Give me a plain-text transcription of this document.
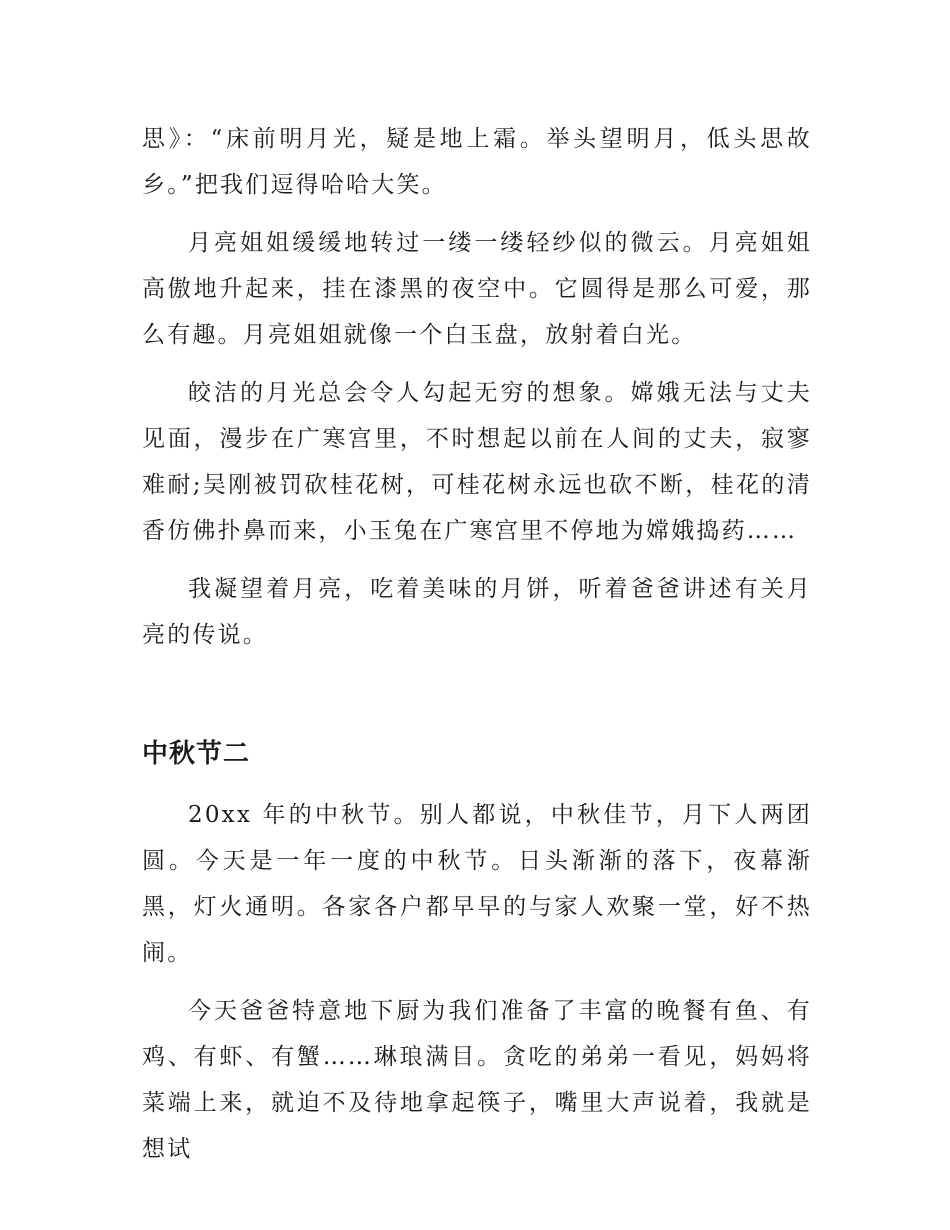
思》：“床前明月光，疑是地上霜。举头望明月，低头思故乡。”把我们逗得哈哈大笑。

月亮姐姐缓缓地转过一缕一缕轻纱似的微云。月亮姐姐高傲地升起来，挂在漆黑的夜空中。它圆得是那么可爱，那么有趣。月亮姐姐就像一个白玉盘，放射着白光。

皎洁的月光总会令人勾起无穷的想象。嫦娥无法与丈夫见面，漫步在广寒宫里，不时想起以前在人间的丈夫，寂寥难耐;吴刚被罚砍桂花树，可桂花树永远也砍不断，桂花的清香仿佛扑鼻而来，小玉兔在广寒宫里不停地为嫦娥捣药……

我凝望着月亮，吃着美味的月饼，听着爸爸讲述有关月亮的传说。

中秋节二

20xx 年的中秋节。别人都说，中秋佳节，月下人两团圆。今天是一年一度的中秋节。日头渐渐的落下，夜幕渐黑，灯火通明。各家各户都早早的与家人欢聚一堂，好不热闹。

今天爸爸特意地下厨为我们准备了丰富的晚餐有鱼、有鸡、有虾、有蟹……琳琅满目。贪吃的弟弟一看见，妈妈将菜端上来，就迫不及待地拿起筷子，嘴里大声说着，我就是想试
